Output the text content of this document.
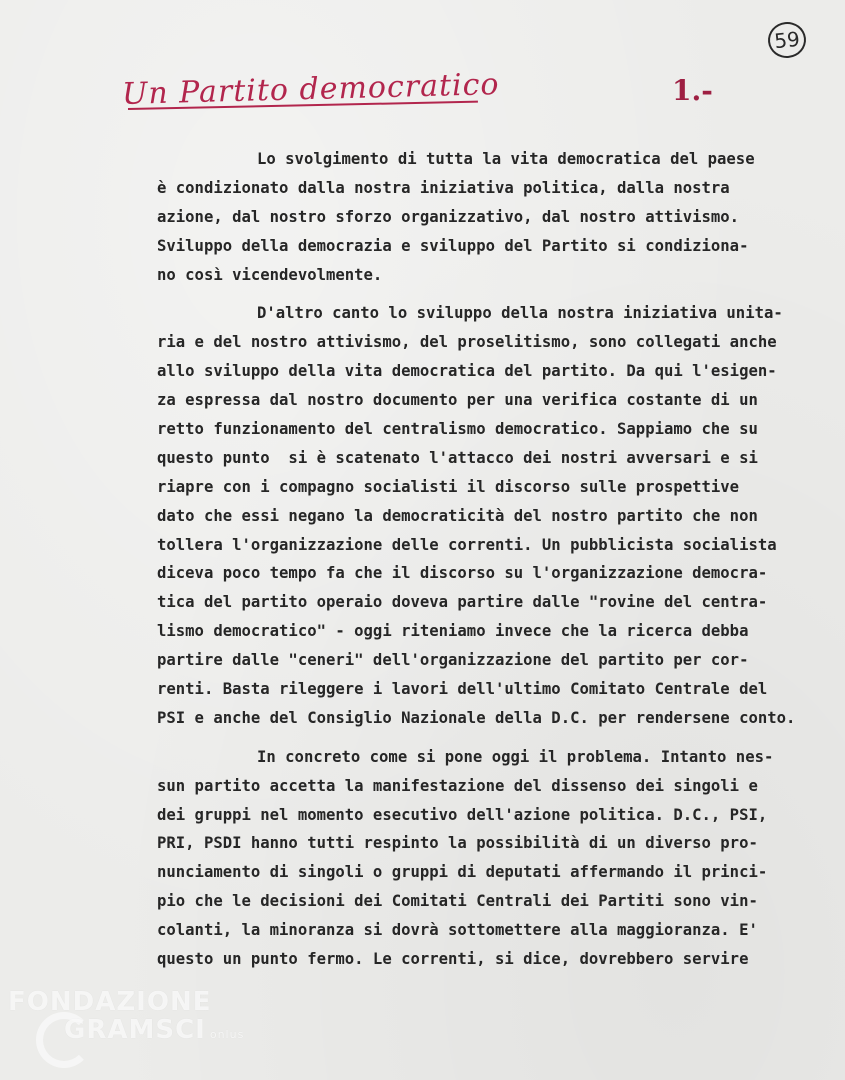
59
Un Partito democratico	1.-
Lo svolgimento di tutta la vita democratica del paese
è condizionato dalla nostra iniziativa politica, dalla nostra
azione, dal nostro sforzo organizzativo, dal nostro attivismo.
Sviluppo della democrazia e sviluppo del Partito si condiziona-
no così vicendevolmente.
D'altro canto lo sviluppo della nostra iniziativa unita-
ria e del nostro attivismo, del proselitismo, sono collegati anche
allo sviluppo della vita democratica del partito. Da qui l'esigen-
za espressa dal nostro documento per una verifica costante di un
retto funzionamento del centralismo democratico. Sappiamo che su
questo punto  si è scatenato l'attacco dei nostri avversari e si
riapre con i compagno socialisti il discorso sulle prospettive
dato che essi negano la democraticità del nostro partito che non
tollera l'organizzazione delle correnti. Un pubblicista socialista
diceva poco tempo fa che il discorso su l'organizzazione democra-
tica del partito operaio doveva partire dalle "rovine del centra-
lismo democratico" - oggi riteniamo invece che la ricerca debba
partire dalle "ceneri" dell'organizzazione del partito per cor-
renti. Basta rileggere i lavori dell'ultimo Comitato Centrale del
PSI e anche del Consiglio Nazionale della D.C. per rendersene conto.
In concreto come si pone oggi il problema. Intanto nes-
sun partito accetta la manifestazione del dissenso dei singoli e
dei gruppi nel momento esecutivo dell'azione politica. D.C., PSI,
PRI, PSDI hanno tutti respinto la possibilità di un diverso pro-
nunciamento di singoli o gruppi di deputati affermando il princi-
pio che le decisioni dei Comitati Centrali dei Partiti sono vin-
colanti, la minoranza si dovrà sottomettere alla maggioranza. E'
questo un punto fermo. Le correnti, si dice, dovrebbero servire
FONDAZIONE
GRAMSCI onlus
